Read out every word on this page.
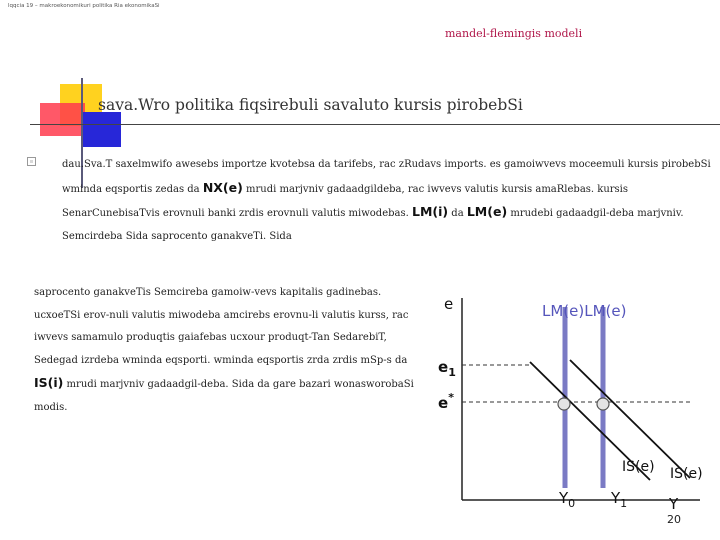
lqqcia 19 – makroekonomikuri politika Ria ekonomikaSi
mandel-flemingis modeli
sava.Wro politika fiqsirebuli savaluto kursis pirobebSi
dau.Sva.T saxelmwifo awesebs importze kvotebsa da tarifebs, rac zRudavs imports. es gamoiwvevs moceemuli kursis pirobebSi wminda eqsportis zedas da NX(e) mrudi marjvniv gadaadgildeba, rac iwvevs valutis kursis amaRlebas. kursis SenarCunebisaTvis erovnuli banki zrdis erovnuli valutis miwodebas. LM(i) da LM(e) mrudebi gadaadgil-deba marjvniv. Semcirdeba Sida saprocento ganakveTi. Sida
saprocento ganakveTis Semcireba gamoiw-vevs kapitalis gadinebas. ucxoeTSi erov-nuli valutis miwodeba amcirebs erovnu-li valutis kurss, rac iwvevs samamulo produqtis gaiafebas ucxour produqt-Tan SedarebiT, Sedegad izrdeba wminda eqsporti. wminda eqsportis zrda zrdis mSp-s da IS(i) mrudi marjvniv gadaadgil-deba. Sida da gare bazari wonasworobaSi modis.
e	LM(e)LM(e)
$e_1$
e*
IS(e) IS(e)
$Y_0$ $Y_1$	Y
20
